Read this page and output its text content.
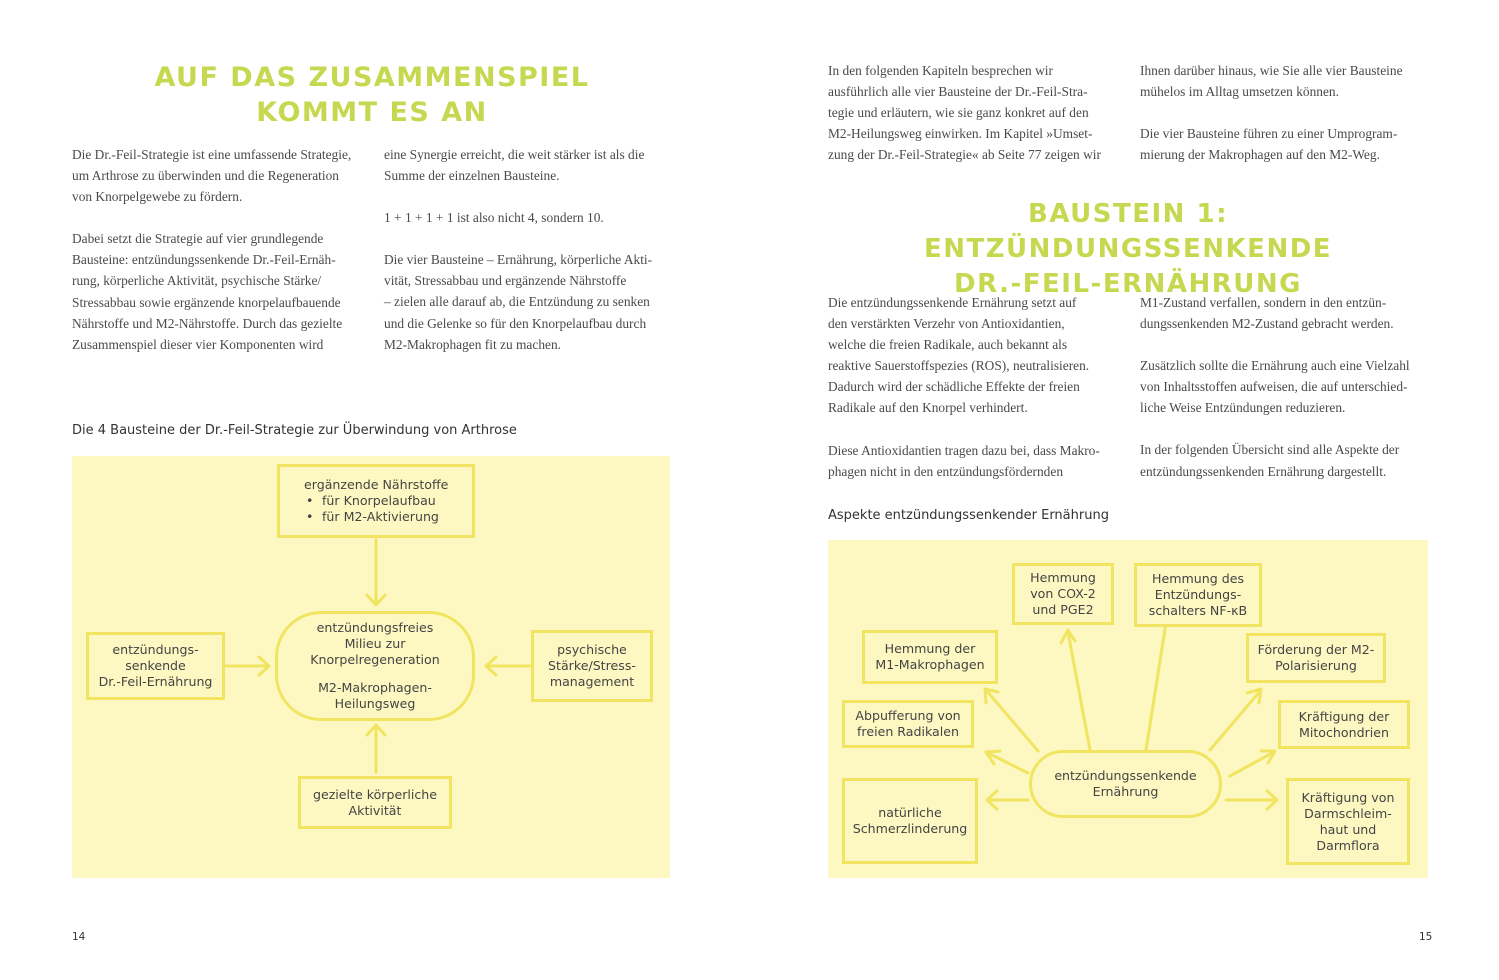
AUF DAS ZUSAMMENSPIEL
KOMMT ES AN

Die Dr.-Feil-Strategie ist eine umfassende Strategie,
um Arthrose zu überwinden und die Regeneration
von Knorpelgewebe zu fördern.

Dabei setzt die Strategie auf vier grundlegende
Bausteine: entzündungssenkende Dr.-Feil-Ernäh-
rung, körperliche Aktivität, psychische Stärke/
Stressabbau sowie ergänzende knorpelaufbauende
Nährstoffe und M2-Nährstoffe. Durch das gezielte
Zusammenspiel dieser vier Komponenten wird

eine Synergie erreicht, die weit stärker ist als die
Summe der einzelnen Bausteine.

1 + 1 + 1 + 1 ist also nicht 4, sondern 10.

Die vier Bausteine – Ernährung, körperliche Akti-
vität, Stressabbau und ergänzende Nährstoffe
– zielen alle darauf ab, die Entzündung zu senken
und die Gelenke so für den Knorpelaufbau durch
M2-Makrophagen fit zu machen.

Die 4 Bausteine der Dr.-Feil-Strategie zur Überwindung von Arthrose
ergänzende Nährstoffe
• für Knorpelaufbau
• für M2-Aktivierung
entzündungs-
senkende
Dr.-Feil-Ernährung
entzündungsfreies
Milieu zur
Knorpelregeneration
M2-Makrophagen-
Heilungsweg
psychische
Stärke/Stress-
management
gezielte körperliche
Aktivität
14

In den folgenden Kapiteln besprechen wir
ausführlich alle vier Bausteine der Dr.-Feil-Stra-
tegie und erläutern, wie sie ganz konkret auf den
M2-Heilungsweg einwirken. Im Kapitel »Umset-
zung der Dr.-Feil-Strategie« ab Seite 77 zeigen wir

Ihnen darüber hinaus, wie Sie alle vier Bausteine
mühelos im Alltag umsetzen können.

Die vier Bausteine führen zu einer Umprogram-
mierung der Makrophagen auf den M2-Weg.

BAUSTEIN 1: ENTZÜNDUNGSSENKENDE
DR.-FEIL-ERNÄHRUNG

Die entzündungssenkende Ernährung setzt auf
den verstärkten Verzehr von Antioxidantien,
welche die freien Radikale, auch bekannt als
reaktive Sauerstoffspezies (ROS), neutralisieren.
Dadurch wird der schädliche Effekte der freien
Radikale auf den Knorpel verhindert.

Diese Antioxidantien tragen dazu bei, dass Makro-
phagen nicht in den entzündungsfördernden

M1-Zustand verfallen, sondern in den entzün-
dungssenkenden M2-Zustand gebracht werden.

Zusätzlich sollte die Ernährung auch eine Vielzahl
von Inhaltsstoffen aufweisen, die auf unterschied-
liche Weise Entzündungen reduzieren.

In der folgenden Übersicht sind alle Aspekte der
entzündungssenkenden Ernährung dargestellt.

Aspekte entzündungssenkender Ernährung
entzündungssenkende
Ernährung
Hemmung
von COX-2
und PGE2
Hemmung des
Entzündungs-
schalters NF-κB
Hemmung der
M1-Makrophagen
Förderung der M2-
Polarisierung
Abpufferung von
freien Radikalen
Kräftigung der
Mitochondrien
natürliche
Schmerzlinderung
Kräftigung von
Darmschleim-
haut und
Darmflora
15
